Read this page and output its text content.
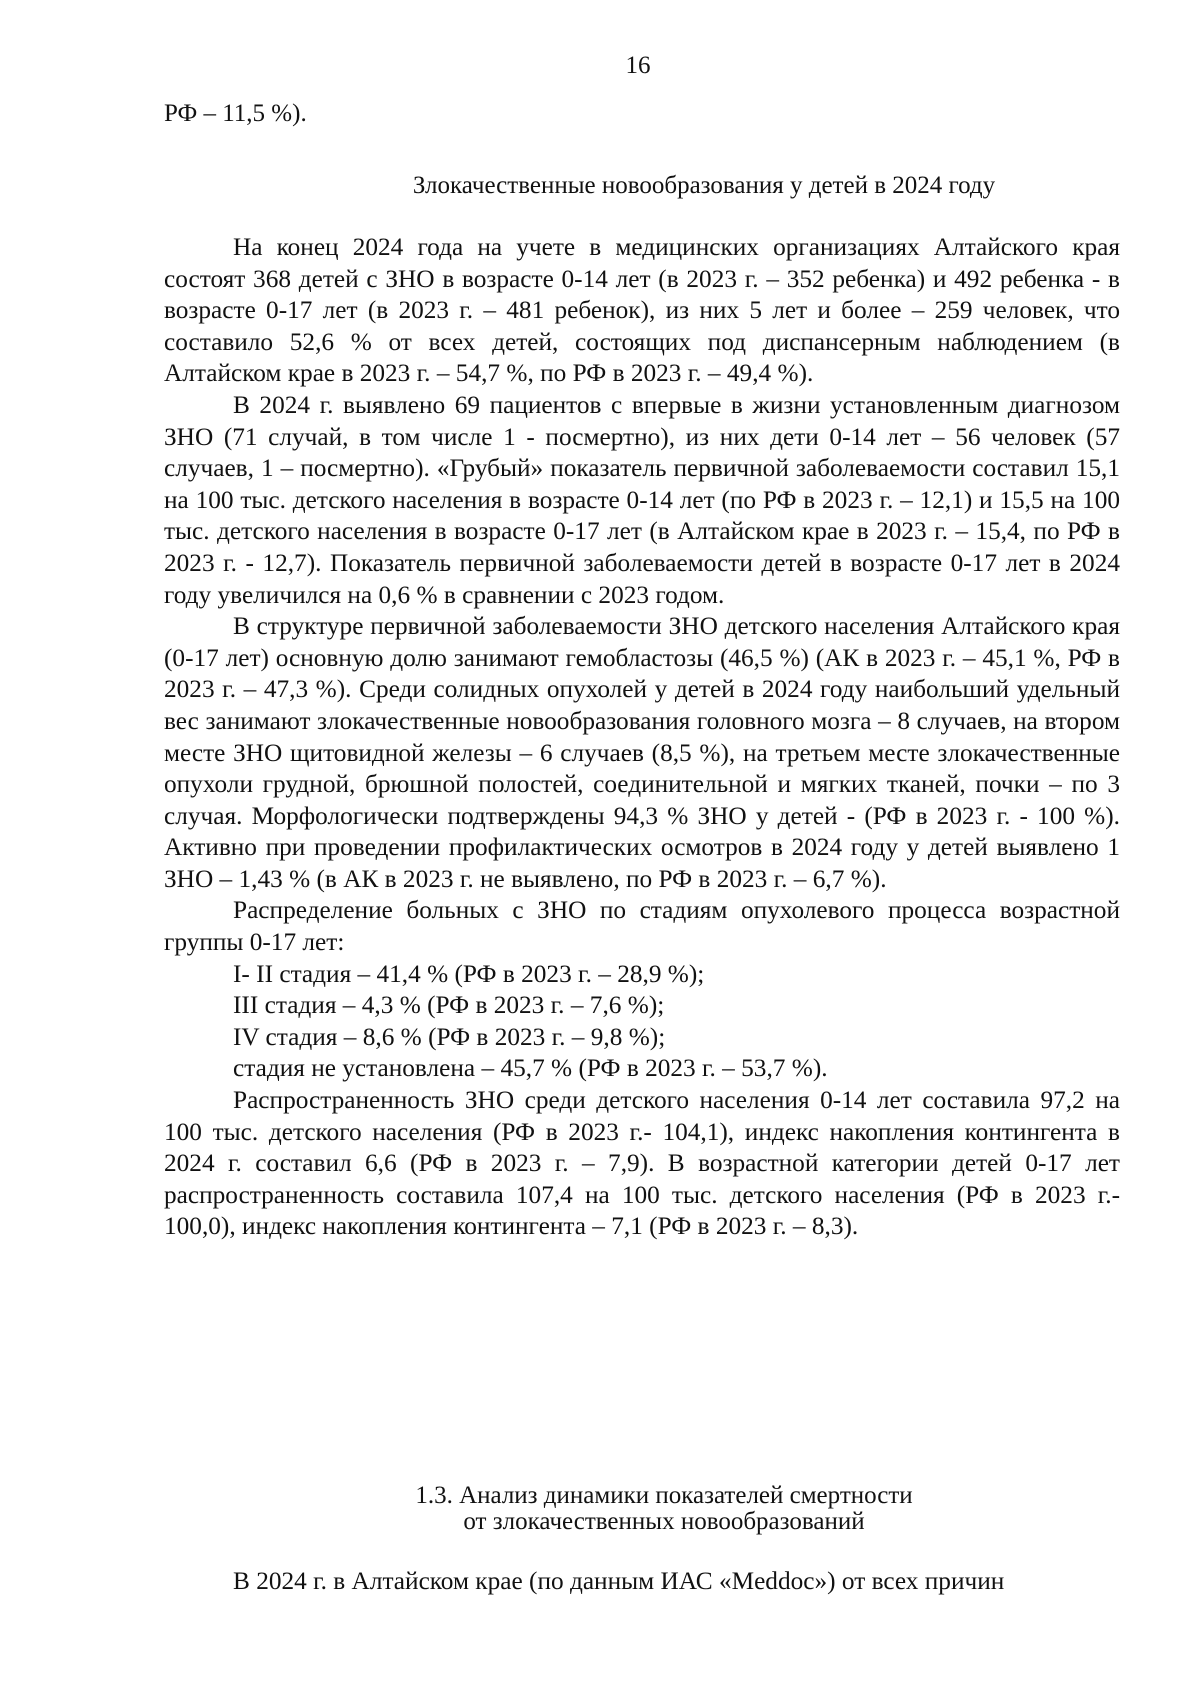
16
РФ – 11,5 %).
Злокачественные новообразования у детей в 2024 году

На конец 2024 года на учете в медицинских организациях Алтайского края состоят 368 детей с ЗНО в возрасте 0-14 лет (в 2023 г. – 352 ребенка) и 492 ребенка - в возрасте 0-17 лет (в 2023 г. – 481 ребенок), из них 5 лет и более – 259 человек, что составило 52,6 % от всех детей, состоящих под диспансерным наблюдением (в Алтайском крае в 2023 г. – 54,7 %, по РФ в 2023 г. – 49,4 %).

В 2024 г. выявлено 69 пациентов с впервые в жизни установленным диагнозом ЗНО (71 случай, в том числе 1 - посмертно), из них дети 0-14 лет – 56 человек (57 случаев, 1 – посмертно). «Грубый» показатель первичной заболеваемости составил 15,1 на 100 тыс. детского населения в возрасте 0-14 лет (по РФ в 2023 г. – 12,1) и 15,5 на 100 тыс. детского населения в возрасте 0-17 лет (в Алтайском крае в 2023 г. – 15,4, по РФ в 2023 г. - 12,7). Показатель первичной заболеваемости детей в возрасте 0-17 лет в 2024 году увеличился на 0,6 % в сравнении с 2023 годом.

В структуре первичной заболеваемости ЗНО детского населения Алтайского края (0-17 лет) основную долю занимают гемобластозы (46,5 %) (АК в 2023 г. – 45,1 %, РФ в 2023 г. – 47,3 %). Среди солидных опухолей у детей в 2024 году наибольший удельный вес занимают злокачественные новообразования головного мозга – 8 случаев, на втором месте ЗНО щитовидной железы – 6 случаев (8,5 %), на третьем месте злокачественные опухоли грудной, брюшной полостей, соединительной и мягких тканей, почки – по 3 случая. Морфологически подтверждены 94,3 % ЗНО у детей - (РФ в 2023 г. - 100 %). Активно при проведении профилактических осмотров в 2024 году у детей выявлено 1 ЗНО – 1,43 % (в АК в 2023 г. не выявлено, по РФ в 2023 г. – 6,7 %).

Распределение больных с ЗНО по стадиям опухолевого процесса возрастной группы 0-17 лет:

I- II стадия – 41,4 % (РФ в 2023 г. – 28,9 %);
III стадия – 4,3 % (РФ в 2023 г. – 7,6 %);
IV стадия – 8,6 % (РФ в 2023 г. – 9,8 %);
стадия не установлена – 45,7 % (РФ в 2023 г. – 53,7 %).

Распространенность ЗНО среди детского населения 0-14 лет составила 97,2 на 100 тыс. детского населения (РФ в 2023 г.- 104,1), индекс накопления контингента в 2024 г. составил 6,6 (РФ в 2023 г. – 7,9). В возрастной категории детей 0-17 лет распространенность составила 107,4 на 100 тыс. детского населения (РФ в 2023 г.- 100,0), индекс накопления контингента – 7,1 (РФ в 2023 г. – 8,3).

1.3. Анализ динамики показателей смертности
от злокачественных новообразований
В 2024 г. в Алтайском крае (по данным ИАС «Meddoc») от всех причин
